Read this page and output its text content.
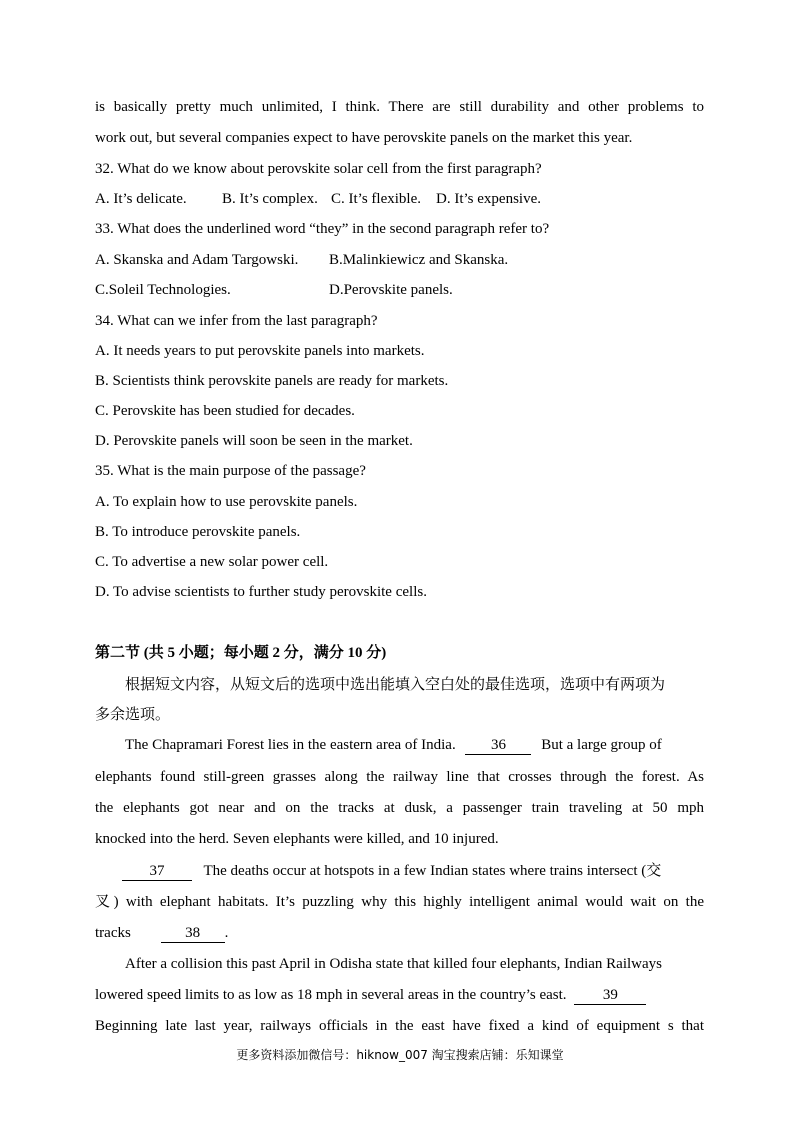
is basically pretty much unlimited, I think. There are still durability and other problems to
work out, but several companies expect to have perovskite panels on the market this year.
32. What do we know about perovskite solar cell from the first paragraph?
A. It’s delicate. B. It’s complex. C. It’s flexible. D. It’s expensive.
33. What does the underlined word “they” in the second paragraph refer to?
A. Skanska and Adam Targowski. B.Malinkiewicz and Skanska.
C.Soleil Technologies.	D.Perovskite panels.
34. What can we infer from the last paragraph?
A. It needs years to put perovskite panels into markets.
B. Scientists think perovskite panels are ready for markets.
C. Perovskite has been studied for decades.
D. Perovskite panels will soon be seen in the market.
35. What is the main purpose of the passage?
A. To explain how to use perovskite panels.
B. To introduce perovskite panels.
C. To advertise a new solar power cell.
D. To advise scientists to further study perovskite cells.
第二节 (共 5 小题；每小题 2 分，满分 10 分)
根据短文内容，从短文后的选项中选出能填入空白处的最佳选项，选项中有两项为
多余选项。
The Chapramari Forest lies in the eastern area of India. 36 But a large group of
elephants found still-green grasses along the railway line that crosses through the forest. As
the elephants got near and on the tracks at dusk, a passenger train traveling at 50 mph
knocked into the herd. Seven elephants were killed, and 10 injured.
37	The deaths occur at hotspots in a few Indian states where trains intersect (交
叉) with elephant habitats. It’s puzzling why this highly intelligent animal would wait on the
tracks	38 .
After a collision this past April in Odisha state that killed four elephants, Indian Railways
lowered speed limits to as low as 18 mph in several areas in the country’s east. 39
Beginning late last year, railways officials in the east have fixed a kind of equipment s that
更多资料添加微信号：hiknow_007 淘宝搜索店铺：乐知课堂
